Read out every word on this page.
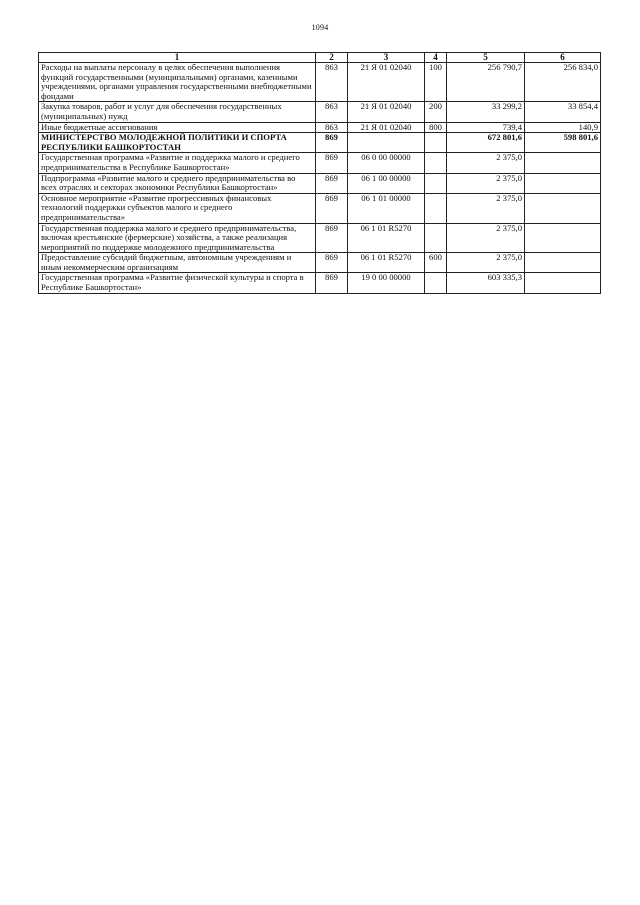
1094
1	2	3	4	5	6
Расходы на выплаты персоналу в целях обеспечения выполнения функций государственными (муниципальными) органами, казенными учреждениями, органами управления государственными внебюджетными фондами	863	21 Я 01 02040	100	256 790,7	256 834,0
Закупка товаров, работ и услуг для обеспечения государственных (муниципальных) нужд	863	21 Я 01 02040	200	33 299,2	33 854,4
Иные бюджетные ассигнования	863	21 Я 01 02040	800	739,4	140,9
МИНИСТЕРСТВО МОЛОДЕЖНОЙ ПОЛИТИКИ И СПОРТА РЕСПУБЛИКИ БАШКОРТОСТАН	869			672 801,6	598 801,6
Государственная программа «Развитие и поддержка малого и среднего предпринимательства в Республике Башкортостан»	869	06 0 00 00000		2 375,0	
Подпрограмма «Развитие малого и среднего предпринимательства во всех отраслях и секторах экономики Республики Башкортостан»	869	06 1 00 00000		2 375,0	
Основное мероприятие «Развитие прогрессивных финансовых технологий поддержки субъектов малого и среднего предпринимательства»	869	06 1 01 00000		2 375,0	
Государственная поддержка малого и среднего предпринимательства, включая крестьянские (фермерские) хозяйства, а также реализация мероприятий по поддержке молодежного предпринимательства	869	06 1 01 R5270		2 375,0	
Предоставление субсидий бюджетным, автономным учреждениям и иным некоммерческим организациям	869	06 1 01 R5270	600	2 375,0	
Государственная программа «Развитие физической культуры и спорта в Республике Башкортостан»	869	19 0 00 00000		603 335,3	
